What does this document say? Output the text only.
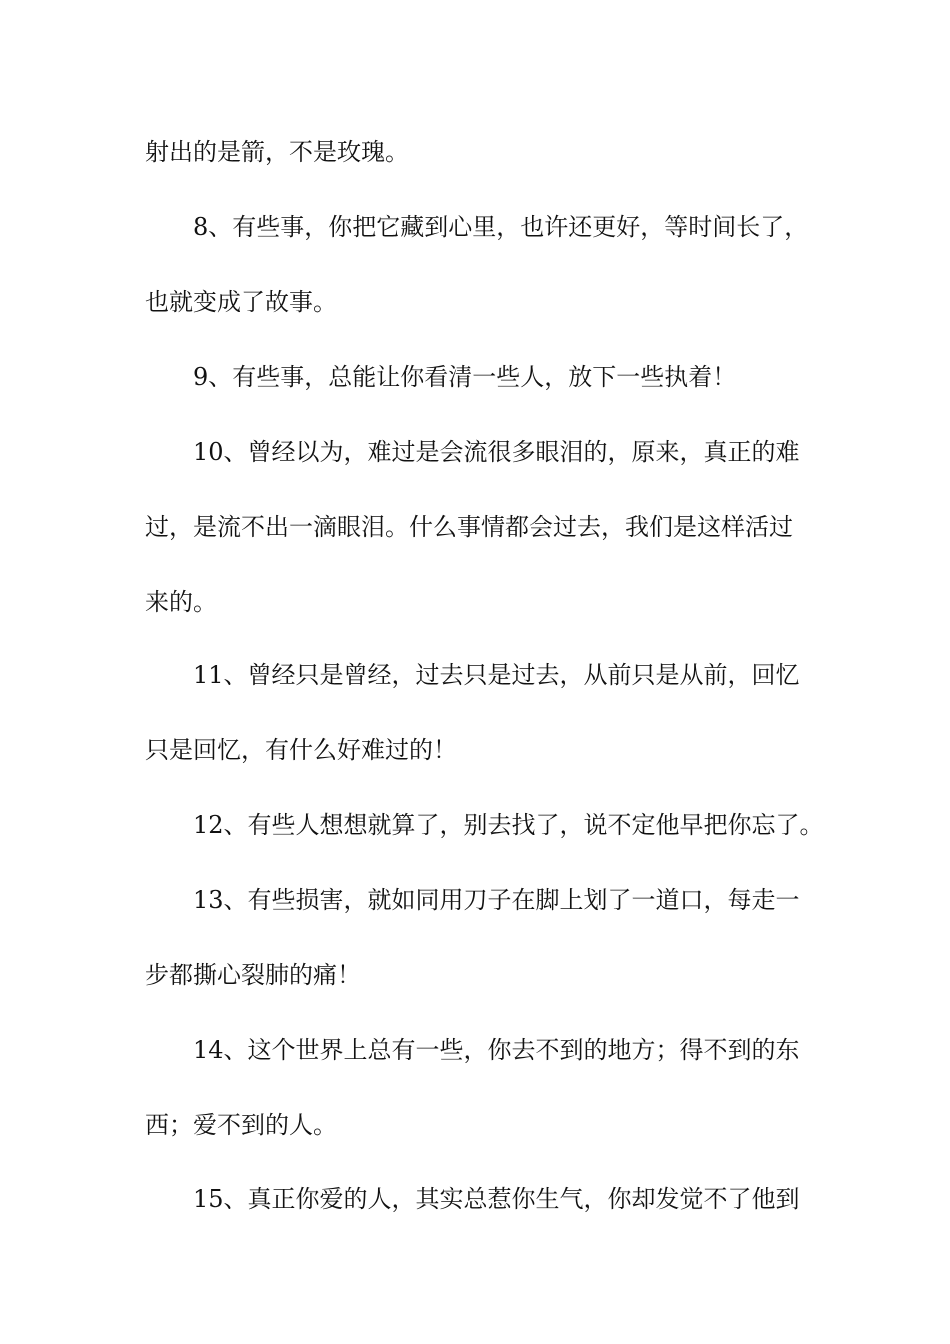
射出的是箭，不是玫瑰。

8、有些事，你把它藏到心里，也许还更好，等时间长了，

也就变成了故事。

9、有些事，总能让你看清一些人，放下一些执着！

10、曾经以为，难过是会流很多眼泪的，原来，真正的难

过，是流不出一滴眼泪。什么事情都会过去，我们是这样活过

来的。

11、曾经只是曾经，过去只是过去，从前只是从前，回忆

只是回忆，有什么好难过的！

12、有些人想想就算了，别去找了，说不定他早把你忘了。

13、有些损害，就如同用刀子在脚上划了一道口，每走一

步都撕心裂肺的痛！

14、这个世界上总有一些，你去不到的地方；得不到的东

西；爱不到的人。

15、真正你爱的人，其实总惹你生气，你却发觉不了他到
